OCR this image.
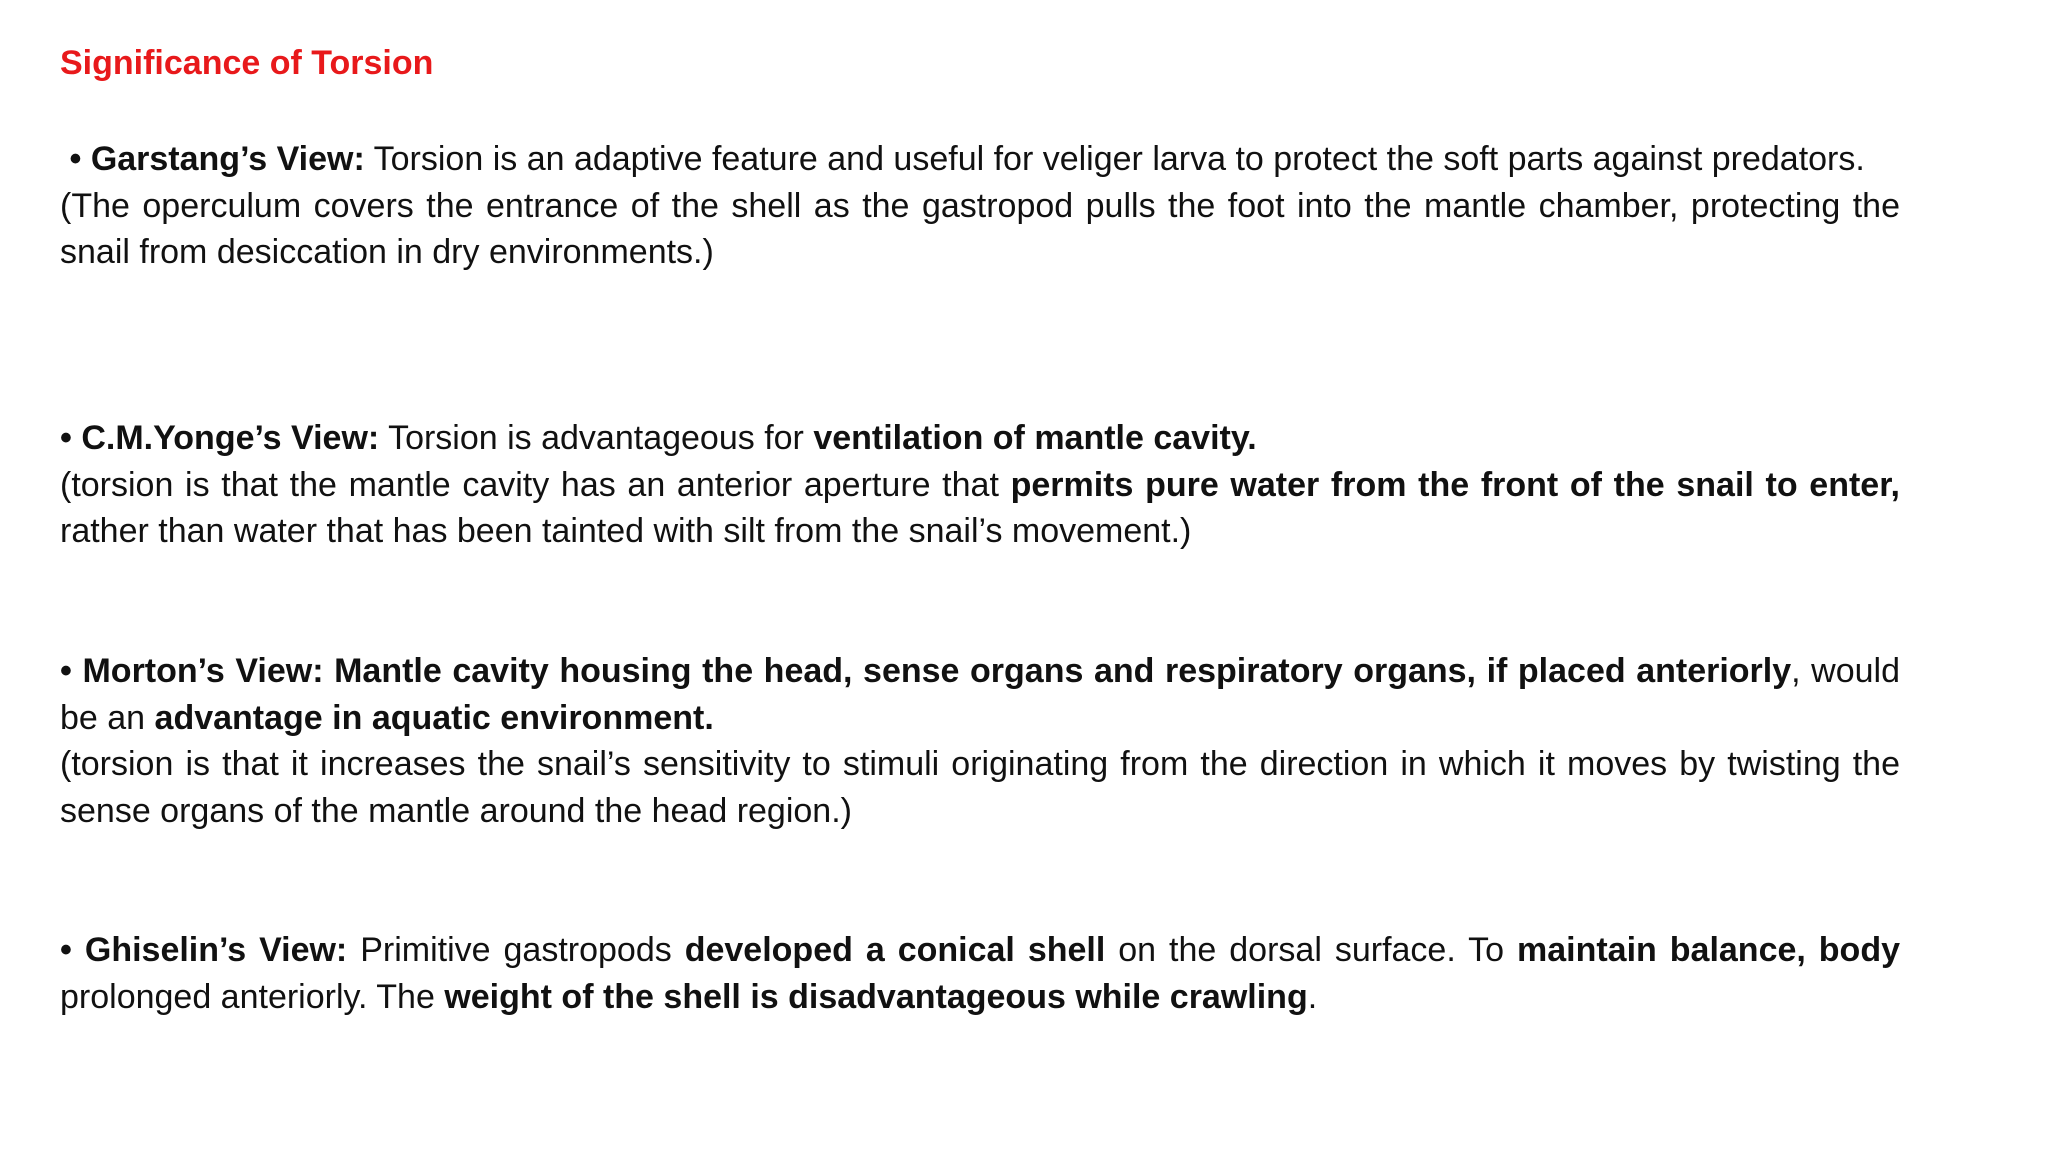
Significance of Torsion

• Garstang’s View: Torsion is an adaptive feature and useful for veliger larva to protect the soft parts against predators.

(The operculum covers the entrance of the shell as the gastropod pulls the foot into the mantle chamber, protecting the snail from desiccation in dry environments.)

• C.M.Yonge’s View: Torsion is advantageous for ventilation of mantle cavity.

(torsion is that the mantle cavity has an anterior aperture that permits pure water from the front of the snail to enter, rather than water that has been tainted with silt from the snail’s movement.)

• Morton’s View: Mantle cavity housing the head, sense organs and respiratory organs, if placed anteriorly, would be an advantage in aquatic environment.

(torsion is that it increases the snail’s sensitivity to stimuli originating from the direction in which it moves by twisting the sense organs of the mantle around the head region.)

• Ghiselin’s View: Primitive gastropods developed a conical shell on the dorsal surface. To maintain balance, body prolonged anteriorly. The weight of the shell is disadvantageous while crawling.
